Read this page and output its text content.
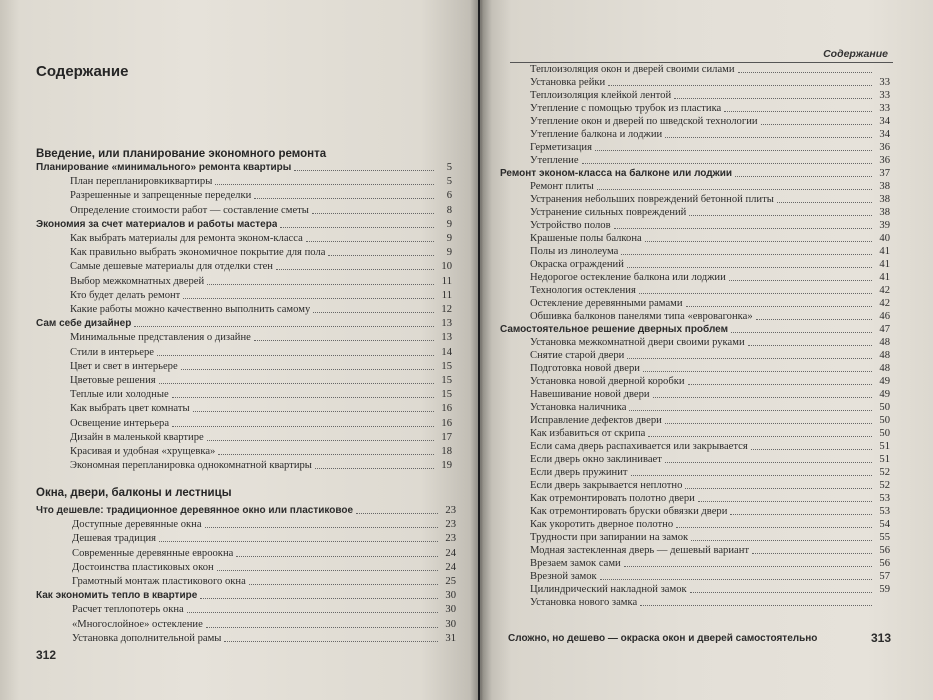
Содержание
Введение, или планирование экономного ремонта
Планирование «минимального» ремонта квартиры	5
План перепланировкиквартиры	5
Разрешенные и запрещенные переделки	6
Определение стоимости работ — составление сметы	8
Экономия за счет материалов и работы мастера	9
Как выбрать материалы для ремонта эконом-класса	9
Как правильно выбрать экономичное покрытие для пола	9
Самые дешевые материалы для отделки стен	10
Выбор межкомнатных дверей	11
Кто будет делать ремонт	11
Какие работы можно качественно выполнить самому	12
Сам себе дизайнер	13
Минимальные представления о дизайне	13
Стили в интерьере	14
Цвет и свет в интерьере	15
Цветовые решения	15
Теплые или холодные	15
Как выбрать цвет комнаты	16
Освещение интерьера	16
Дизайн в маленькой квартире	17
Красивая и удобная «хрущевка»	18
Экономная перепланировка однокомнатной квартиры	19
Окна, двери, балконы и лестницы
Что дешевле: традиционное деревянное окно или пластиковое	23
Доступные деревянные окна	23
Дешевая традиция	23
Современные деревянные евроокна	24
Достоинства пластиковых окон	24
Грамотный монтаж пластикового окна	25
Как экономить тепло в квартире	30
Расчет теплопотерь окна	30
«Многослойное» остекление	30
Установка дополнительной рамы	31
312
Содержание
Теплоизоляция окон и дверей своими силами
Установка рейки	33
Теплоизоляция клейкой лентой	33
Утепление с помощью трубок из пластика	33
Утепление окон и дверей по шведской технологии	34
Утепление балкона и лоджии	34
Герметизация	36
Утепление	36
Ремонт эконом-класса на балконе или лоджии	37
Ремонт плиты	38
Устранения небольших повреждений бетонной плиты	38
Устранение сильных повреждений	38
Устройство полов	39
Крашеные полы балкона	40
Полы из линолеума	41
Окраска ограждений	41
Недорогое остекление балкона или лоджии	41
Технология остекления	42
Остекление деревянными рамами	42
Обшивка балконов панелями типа «евровагонка»	46
Самостоятельное решение дверных проблем	47
Установка межкомнатной двери своими руками	48
Снятие старой двери	48
Подготовка новой двери	48
Установка новой дверной коробки	49
Навешивание новой двери	49
Установка наличника	50
Исправление дефектов двери	50
Как избавиться от скрипа	50
Если сама дверь распахивается или закрывается	51
Если дверь окно заклинивает	51
Если дверь пружинит	52
Если дверь закрывается неплотно	52
Как отремонтировать полотно двери	53
Как отремонтировать бруски обвязки двери	53
Как укоротить дверное полотно	54
Трудности при запирании на замок	55
Модная застекленная дверь — дешевый вариант	56
Врезаем замок сами	56
Врезной замок	57
Цилиндрический накладной замок	59
Установка нового замка
Сложно, но дешево — окраска окон и дверей самостоятельно	313
